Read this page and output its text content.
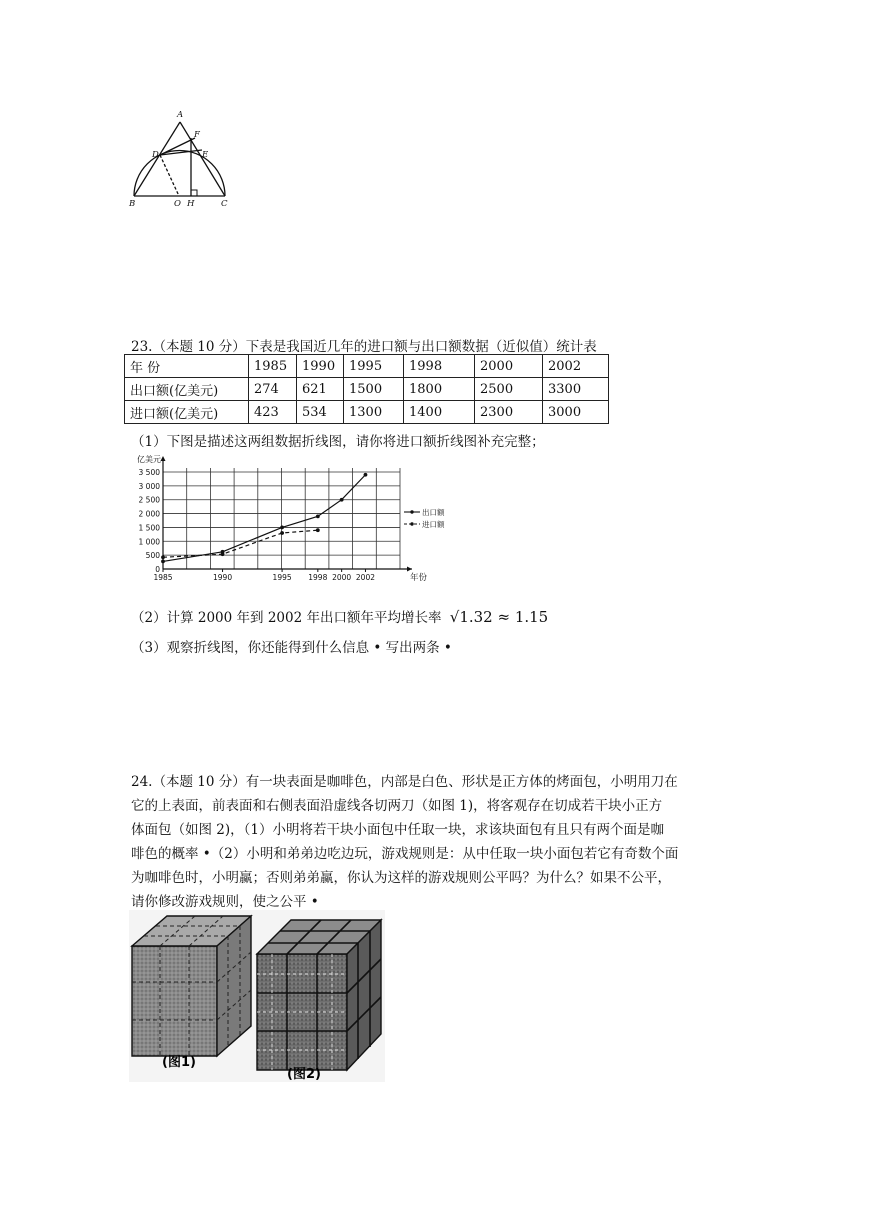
A
F
D	E
B	O H	C
23.（本题 10 分）下表是我国近几年的进口额与出口额数据（近似值）统计表
年 份	1985	1990	1995	1998	2000	2002
出口额(亿美元)	274	621	1500	1800	2500	3300
进口额(亿美元)	423	534	1300	1400	2300	3000
（1）下图是描述这两组数据折线图，请你将进口额折线图补充完整；
0
500
1 000
1 500
2 000
2 500
3 000
3 500
亿美元
年份
1985	1990	1995 1998 2000 2002
出口额
进口额
（2）计算 2000 年到 2002 年出口额年平均增长率 √1.32 ≈ 1.15
（3）观察折线图，你还能得到什么信息 • 写出两条 •
24.（本题 10 分）有一块表面是咖啡色，内部是白色、形状是正方体的烤面包，小明用刀在
它的上表面，前表面和右侧表面沿虚线各切两刀（如图 1)，将客观存在切成若干块小正方
体面包（如图 2)，（1）小明将若干块小面包中任取一块，求该块面包有且只有两个面是咖
啡色的概率 •（2）小明和弟弟边吃边玩，游戏规则是：从中任取一块小面包若它有奇数个面
为咖啡色时，小明赢；否则弟弟赢，你认为这样的游戏规则公平吗？为什么？如果不公平，
请你修改游戏规则，使之公平 •
(图1)
(图2)
